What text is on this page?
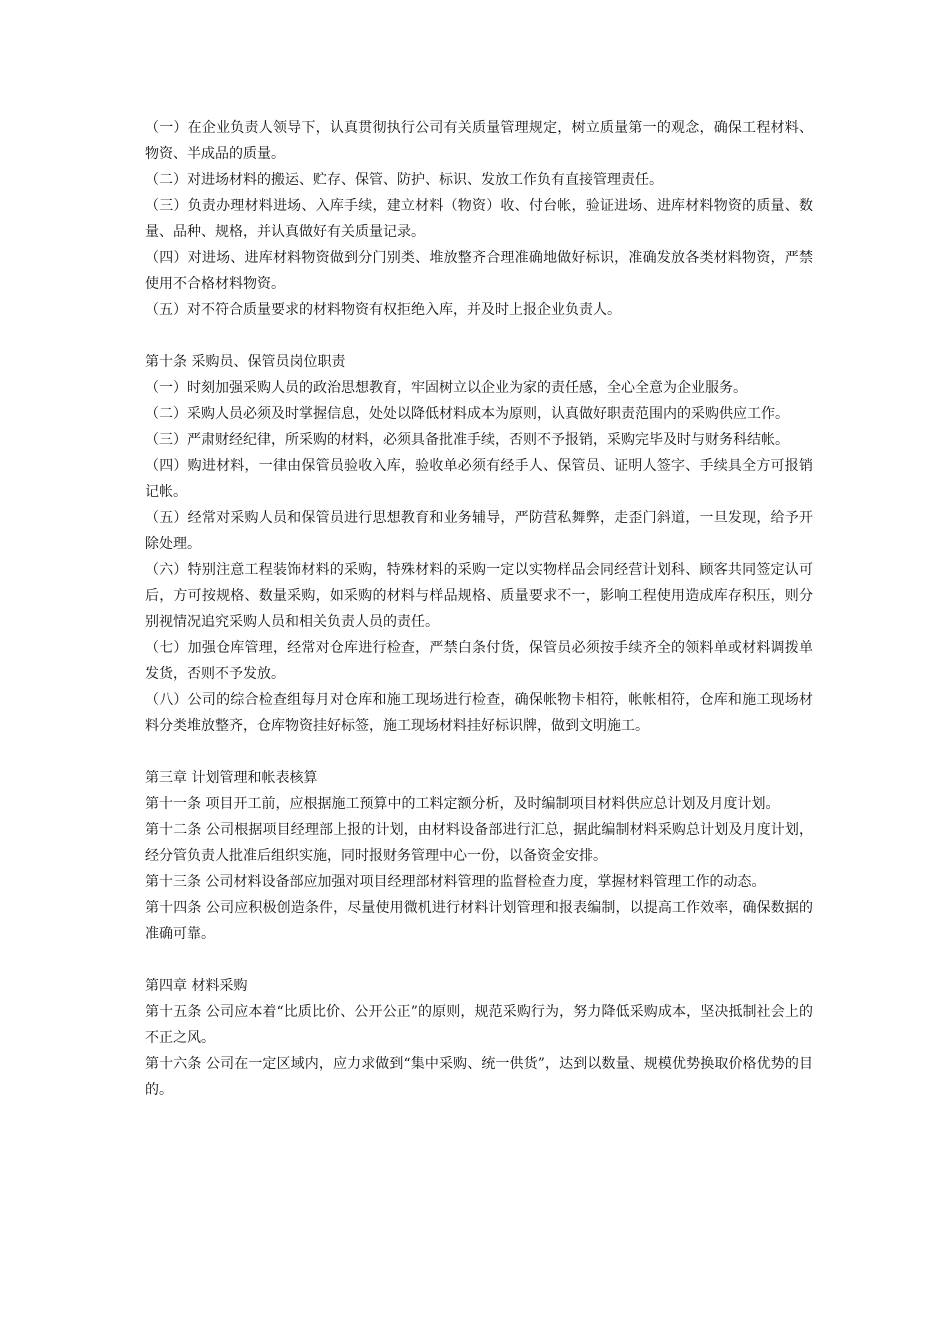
（一）在企业负责人领导下，认真贯彻执行公司有关质量管理规定，树立质量第一的观念，确保工程材料、物资、半成品的质量。

（二）对进场材料的搬运、贮存、保管、防护、标识、发放工作负有直接管理责任。

（三）负责办理材料进场、入库手续，建立材料（物资）收、付台帐，验证进场、进库材料物资的质量、数量、品种、规格，并认真做好有关质量记录。

（四）对进场、进库材料物资做到分门别类、堆放整齐合理准确地做好标识，准确发放各类材料物资，严禁使用不合格材料物资。

（五）对不符合质量要求的材料物资有权拒绝入库，并及时上报企业负责人。

第十条 采购员、保管员岗位职责

（一）时刻加强采购人员的政治思想教育，牢固树立以企业为家的责任感，全心全意为企业服务。

（二）采购人员必须及时掌握信息，处处以降低材料成本为原则，认真做好职责范围内的采购供应工作。

（三）严肃财经纪律，所采购的材料，必须具备批准手续，否则不予报销，采购完毕及时与财务科结帐。

（四）购进材料，一律由保管员验收入库，验收单必须有经手人、保管员、证明人签字、手续具全方可报销记帐。

（五）经常对采购人员和保管员进行思想教育和业务辅导，严防营私舞弊，走歪门斜道，一旦发现，给予开除处理。

（六）特别注意工程装饰材料的采购，特殊材料的采购一定以实物样品会同经营计划科、顾客共同签定认可后，方可按规格、数量采购，如采购的材料与样品规格、质量要求不一，影响工程使用造成库存积压，则分别视情况追究采购人员和相关负责人员的责任。

（七）加强仓库管理，经常对仓库进行检查，严禁白条付货，保管员必须按手续齐全的领料单或材料调拨单发货，否则不予发放。

（八）公司的综合检查组每月对仓库和施工现场进行检查，确保帐物卡相符，帐帐相符，仓库和施工现场材料分类堆放整齐，仓库物资挂好标签，施工现场材料挂好标识牌，做到文明施工。

第三章 计划管理和帐表核算

第十一条 项目开工前，应根据施工预算中的工料定额分析，及时编制项目材料供应总计划及月度计划。

第十二条 公司根据项目经理部上报的计划，由材料设备部进行汇总，据此编制材料采购总计划及月度计划，经分管负责人批准后组织实施，同时报财务管理中心一份，以备资金安排。

第十三条 公司材料设备部应加强对项目经理部材料管理的监督检查力度，掌握材料管理工作的动态。

第十四条 公司应积极创造条件，尽量使用微机进行材料计划管理和报表编制，以提高工作效率，确保数据的准确可靠。

第四章 材料采购

第十五条 公司应本着“比质比价、公开公正”的原则，规范采购行为，努力降低采购成本，坚决抵制社会上的不正之风。

第十六条 公司在一定区域内，应力求做到“集中采购、统一供货”，达到以数量、规模优势换取价格优势的目的。
